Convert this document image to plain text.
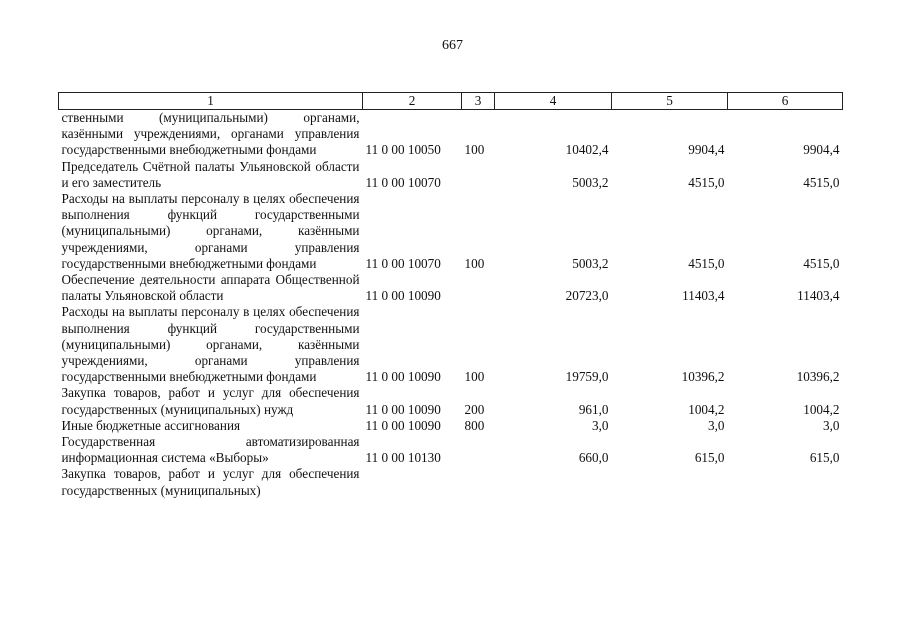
667
1	2	3	4	5	6
ственными (муниципальными) органами, казёнными учреждениями, органами управления государственными внебюджетными фондами	11 0 00 10050	100	10402,4	9904,4	9904,4
Председатель Счётной палаты Ульяновской области и его заместитель	11 0 00 10070		5003,2	4515,0	4515,0
Расходы на выплаты персоналу в целях обеспечения выполнения функций государственными (муниципальными) органами, казёнными учреждениями, органами управления государственными внебюджетными фондами	11 0 00 10070	100	5003,2	4515,0	4515,0
Обеспечение деятельности аппарата Общественной палаты Ульяновской области	11 0 00 10090		20723,0	11403,4	11403,4
Расходы на выплаты персоналу в целях обеспечения выполнения функций государственными (муниципальными) органами, казёнными учреждениями, органами управления государственными внебюджетными фондами	11 0 00 10090	100	19759,0	10396,2	10396,2
Закупка товаров, работ и услуг для обеспечения государственных (муниципальных) нужд	11 0 00 10090	200	961,0	1004,2	1004,2
Иные бюджетные ассигнования	11 0 00 10090	800	3,0	3,0	3,0
Государственная автоматизированная информационная система «Выборы»	11 0 00 10130		660,0	615,0	615,0
Закупка товаров, работ и услуг для обеспечения государственных (муниципальных)					
